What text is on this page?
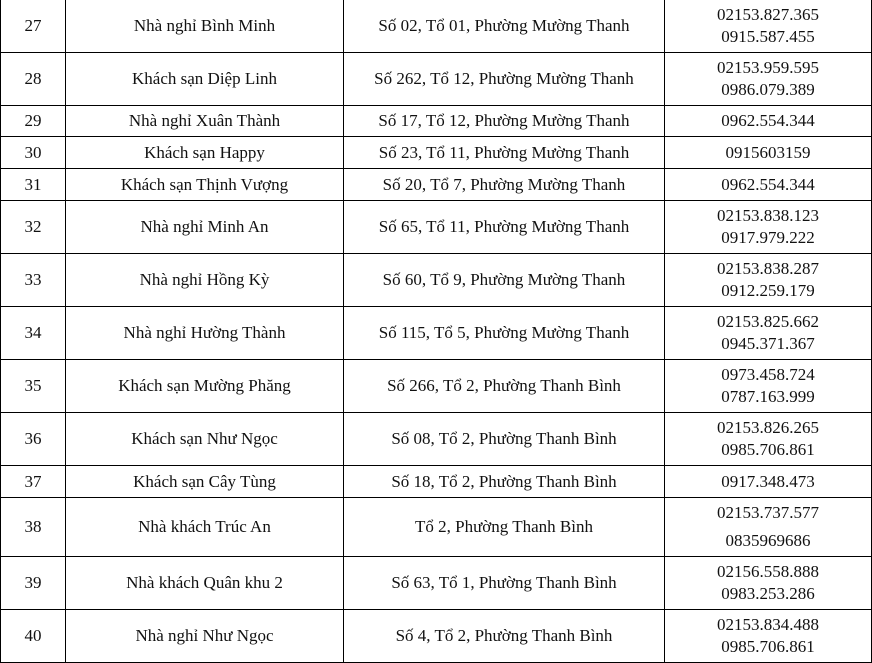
27	Nhà nghỉ Bình Minh	Số 02, Tổ 01, Phường Mường Thanh	02153.827.365
0915.587.455

28	Khách sạn Diệp Linh	Số 262, Tổ 12, Phường Mường Thanh	02153.959.595
0986.079.389

29	Nhà nghỉ Xuân Thành	Số 17, Tổ 12, Phường Mường Thanh	0962.554.344

30	Khách sạn Happy	Số 23, Tổ 11, Phường Mường Thanh	0915603159

31	Khách sạn Thịnh Vượng	Số 20, Tổ 7, Phường Mường Thanh	0962.554.344

32	Nhà nghỉ Minh An	Số 65, Tổ 11, Phường Mường Thanh	02153.838.123
0917.979.222

33	Nhà nghỉ Hồng Kỳ	Số 60, Tổ 9, Phường Mường Thanh	02153.838.287
0912.259.179

34	Nhà nghỉ Hường Thành	Số 115, Tổ 5, Phường Mường Thanh	02153.825.662
0945.371.367

35	Khách sạn Mường Phăng	Số 266, Tổ 2, Phường Thanh Bình	0973.458.724
0787.163.999

36	Khách sạn Như Ngọc	Số 08, Tổ 2, Phường Thanh Bình	02153.826.265
0985.706.861

37	Khách sạn Cây Tùng	Số 18, Tổ 2, Phường Thanh Bình	0917.348.473

38	Nhà khách Trúc An	Tổ 2, Phường Thanh Bình	02153.737.577
0835969686

39	Nhà khách Quân khu 2	Số 63, Tổ 1, Phường Thanh Bình	02156.558.888
0983.253.286

40	Nhà nghỉ Như Ngọc	Số 4, Tổ 2, Phường Thanh Bình	02153.834.488
0985.706.861
